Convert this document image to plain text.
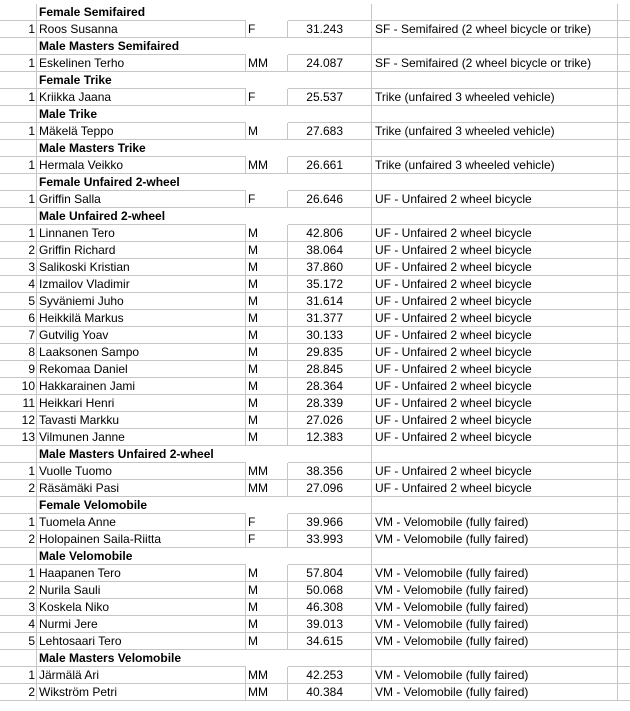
Female Semifaired
1 Roos Susanna	F	31.243	SF - Semifaired (2 wheel bicycle or trike)
Male Masters Semifaired
1 Eskelinen Terho	MM	24.087	SF - Semifaired (2 wheel bicycle or trike)
Female Trike
1 Kriikka Jaana	F	25.537	Trike (unfaired 3 wheeled vehicle)
Male Trike
1 Mäkelä Teppo	M	27.683	Trike (unfaired 3 wheeled vehicle)
Male Masters Trike
1 Hermala Veikko	MM	26.661	Trike (unfaired 3 wheeled vehicle)
Female Unfaired 2-wheel
1 Griffin Salla	F	26.646	UF - Unfaired 2 wheel bicycle
Male Unfaired 2-wheel
1 Linnanen Tero	M	42.806	UF - Unfaired 2 wheel bicycle
2 Griffin Richard	M	38.064	UF - Unfaired 2 wheel bicycle
3 Salikoski Kristian	M	37.860	UF - Unfaired 2 wheel bicycle
4 Izmailov Vladimir	M	35.172	UF - Unfaired 2 wheel bicycle
5 Syväniemi Juho	M	31.614	UF - Unfaired 2 wheel bicycle
6 Heikkilä Markus	M	31.377	UF - Unfaired 2 wheel bicycle
7 Gutvilig Yoav	M	30.133	UF - Unfaired 2 wheel bicycle
8 Laaksonen Sampo	M	29.835	UF - Unfaired 2 wheel bicycle
9 Rekomaa Daniel	M	28.845	UF - Unfaired 2 wheel bicycle
10 Hakkarainen Jami	M	28.364	UF - Unfaired 2 wheel bicycle
11 Heikkari Henri	M	28.339	UF - Unfaired 2 wheel bicycle
12 Tavasti Markku	M	27.026	UF - Unfaired 2 wheel bicycle
13 Vilmunen Janne	M	12.383	UF - Unfaired 2 wheel bicycle
Male Masters Unfaired 2-wheel
1 Vuolle Tuomo	MM	38.356	UF - Unfaired 2 wheel bicycle
2 Räsämäki Pasi	MM	27.096	UF - Unfaired 2 wheel bicycle
Female Velomobile
1 Tuomela Anne	F	39.966	VM - Velomobile (fully faired)
2 Holopainen Saila-Riitta	F	33.993	VM - Velomobile (fully faired)
Male Velomobile
1 Haapanen Tero	M	57.804	VM - Velomobile (fully faired)
2 Nurila Sauli	M	50.068	VM - Velomobile (fully faired)
3 Koskela Niko	M	46.308	VM - Velomobile (fully faired)
4 Nurmi Jere	M	39.013	VM - Velomobile (fully faired)
5 Lehtosaari Tero	M	34.615	VM - Velomobile (fully faired)
Male Masters Velomobile
1 Järmälä Ari	MM	42.253	VM - Velomobile (fully faired)
2 Wikström Petri	MM	40.384	VM - Velomobile (fully faired)
